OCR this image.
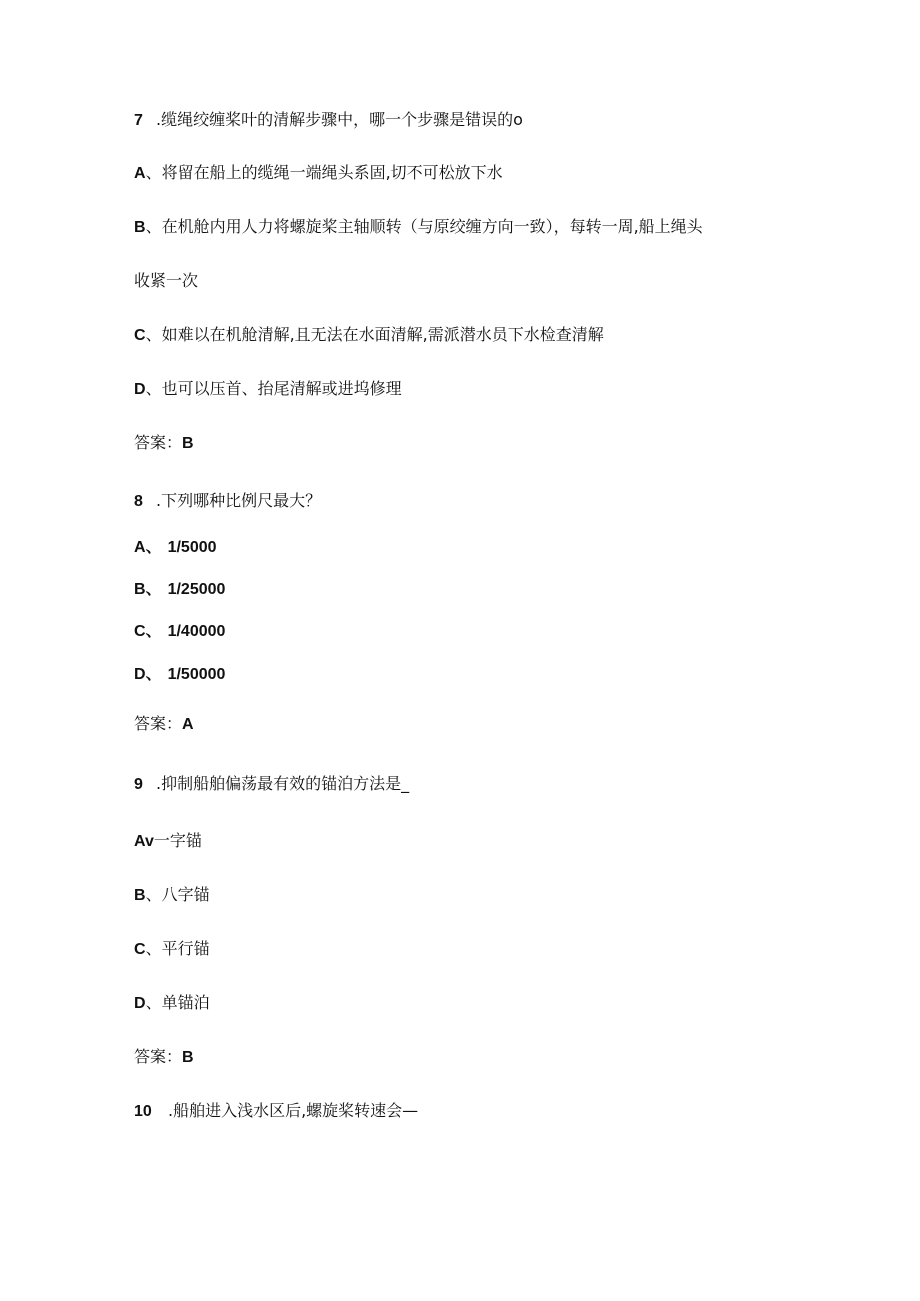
7 .缆绳绞缠桨叶的清解步骤中，哪一个步骤是错误的o
A、将留在船上的缆绳一端绳头系固,切不可松放下水
B、在机舱内用人力将螺旋桨主轴顺转（与原绞缠方向一致），每转一周,船上绳头
收紧一次
C、如难以在机舱清解,且无法在水面清解,需派潜水员下水检查清解
D、也可以压首、抬尾清解或进坞修理
答案：B
8 .下列哪种比例尺最大？
A、 1/5000
B、 1/25000
C、 1/40000
D、 1/50000
答案：A
9 .抑制船舶偏荡最有效的锚泊方法是_
Av一字锚
B、八字锚
C、平行锚
D、单锚泊
答案：B
10 .船舶进入浅水区后,螺旋桨转速会—
